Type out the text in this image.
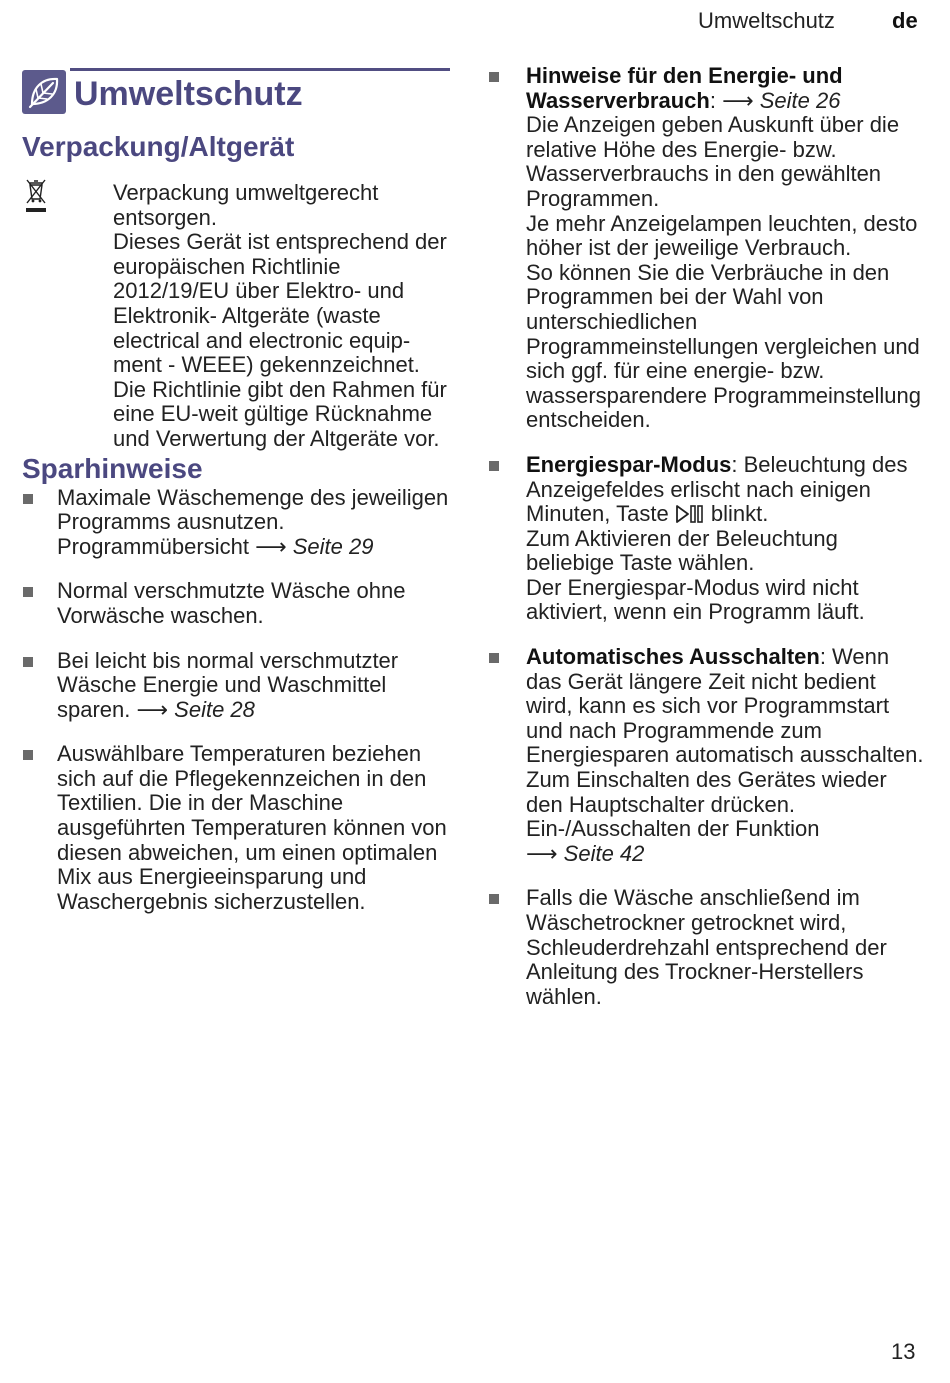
Umweltschutz	de
Umweltschutz
Verpackung/Altgerät
Verpackung umweltgerecht entsorgen.
Dieses Gerät ist entsprechend der europäischen Richtlinie 2012/19/EU über Elektro- und Elektronik- Altgeräte (waste electrical and electronic equipment - WEEE) gekennzeichnet.
Die Richtlinie gibt den Rahmen für eine EU-weit gültige Rücknahme und Verwertung der Altgeräte vor.
Sparhinweise
Maximale Wäschemenge des jeweiligen Programms ausnutzen.
Programmübersicht ⟶ Seite 29
Normal verschmutzte Wäsche ohne Vorwäsche waschen.
Bei leicht bis normal verschmutzter Wäsche Energie und Waschmittel sparen. ⟶ Seite 28
Auswählbare Temperaturen beziehen sich auf die Pflegekennzeichen in den Textilien. Die in der Maschine ausgeführten Temperaturen können von diesen abweichen, um einen optimalen Mix aus Energieeinsparung und Waschergebnis sicherzustellen.
Hinweise für den Energie- und Wasserverbrauch: ⟶ Seite 26
Die Anzeigen geben Auskunft über die relative Höhe des Energie- bzw. Wasserverbrauchs in den gewählten Programmen.
Je mehr Anzeigelampen leuchten, desto höher ist der jeweilige Verbrauch.
So können Sie die Verbräuche in den Programmen bei der Wahl von unterschiedlichen Programmeinstellungen vergleichen und sich ggf. für eine energie- bzw. wassersparendere Programmeinstellung entscheiden.
Energiespar-Modus: Beleuchtung des Anzeigefeldes erlischt nach einigen Minuten, Taste  blinkt.
Zum Aktivieren der Beleuchtung beliebige Taste wählen.
Der Energiespar-Modus wird nicht aktiviert, wenn ein Programm läuft.
Automatisches Ausschalten: Wenn das Gerät längere Zeit nicht bedient wird, kann es sich vor Programmstart und nach Programmende zum Energiesparen automatisch ausschalten. Zum Einschalten des Gerätes wieder den Hauptschalter drücken.
Ein-/Ausschalten der Funktion
⟶ Seite 42
Falls die Wäsche anschließend im Wäschetrockner getrocknet wird, Schleuderdrehzahl entsprechend der Anleitung des Trockner-Herstellers wählen.
13
